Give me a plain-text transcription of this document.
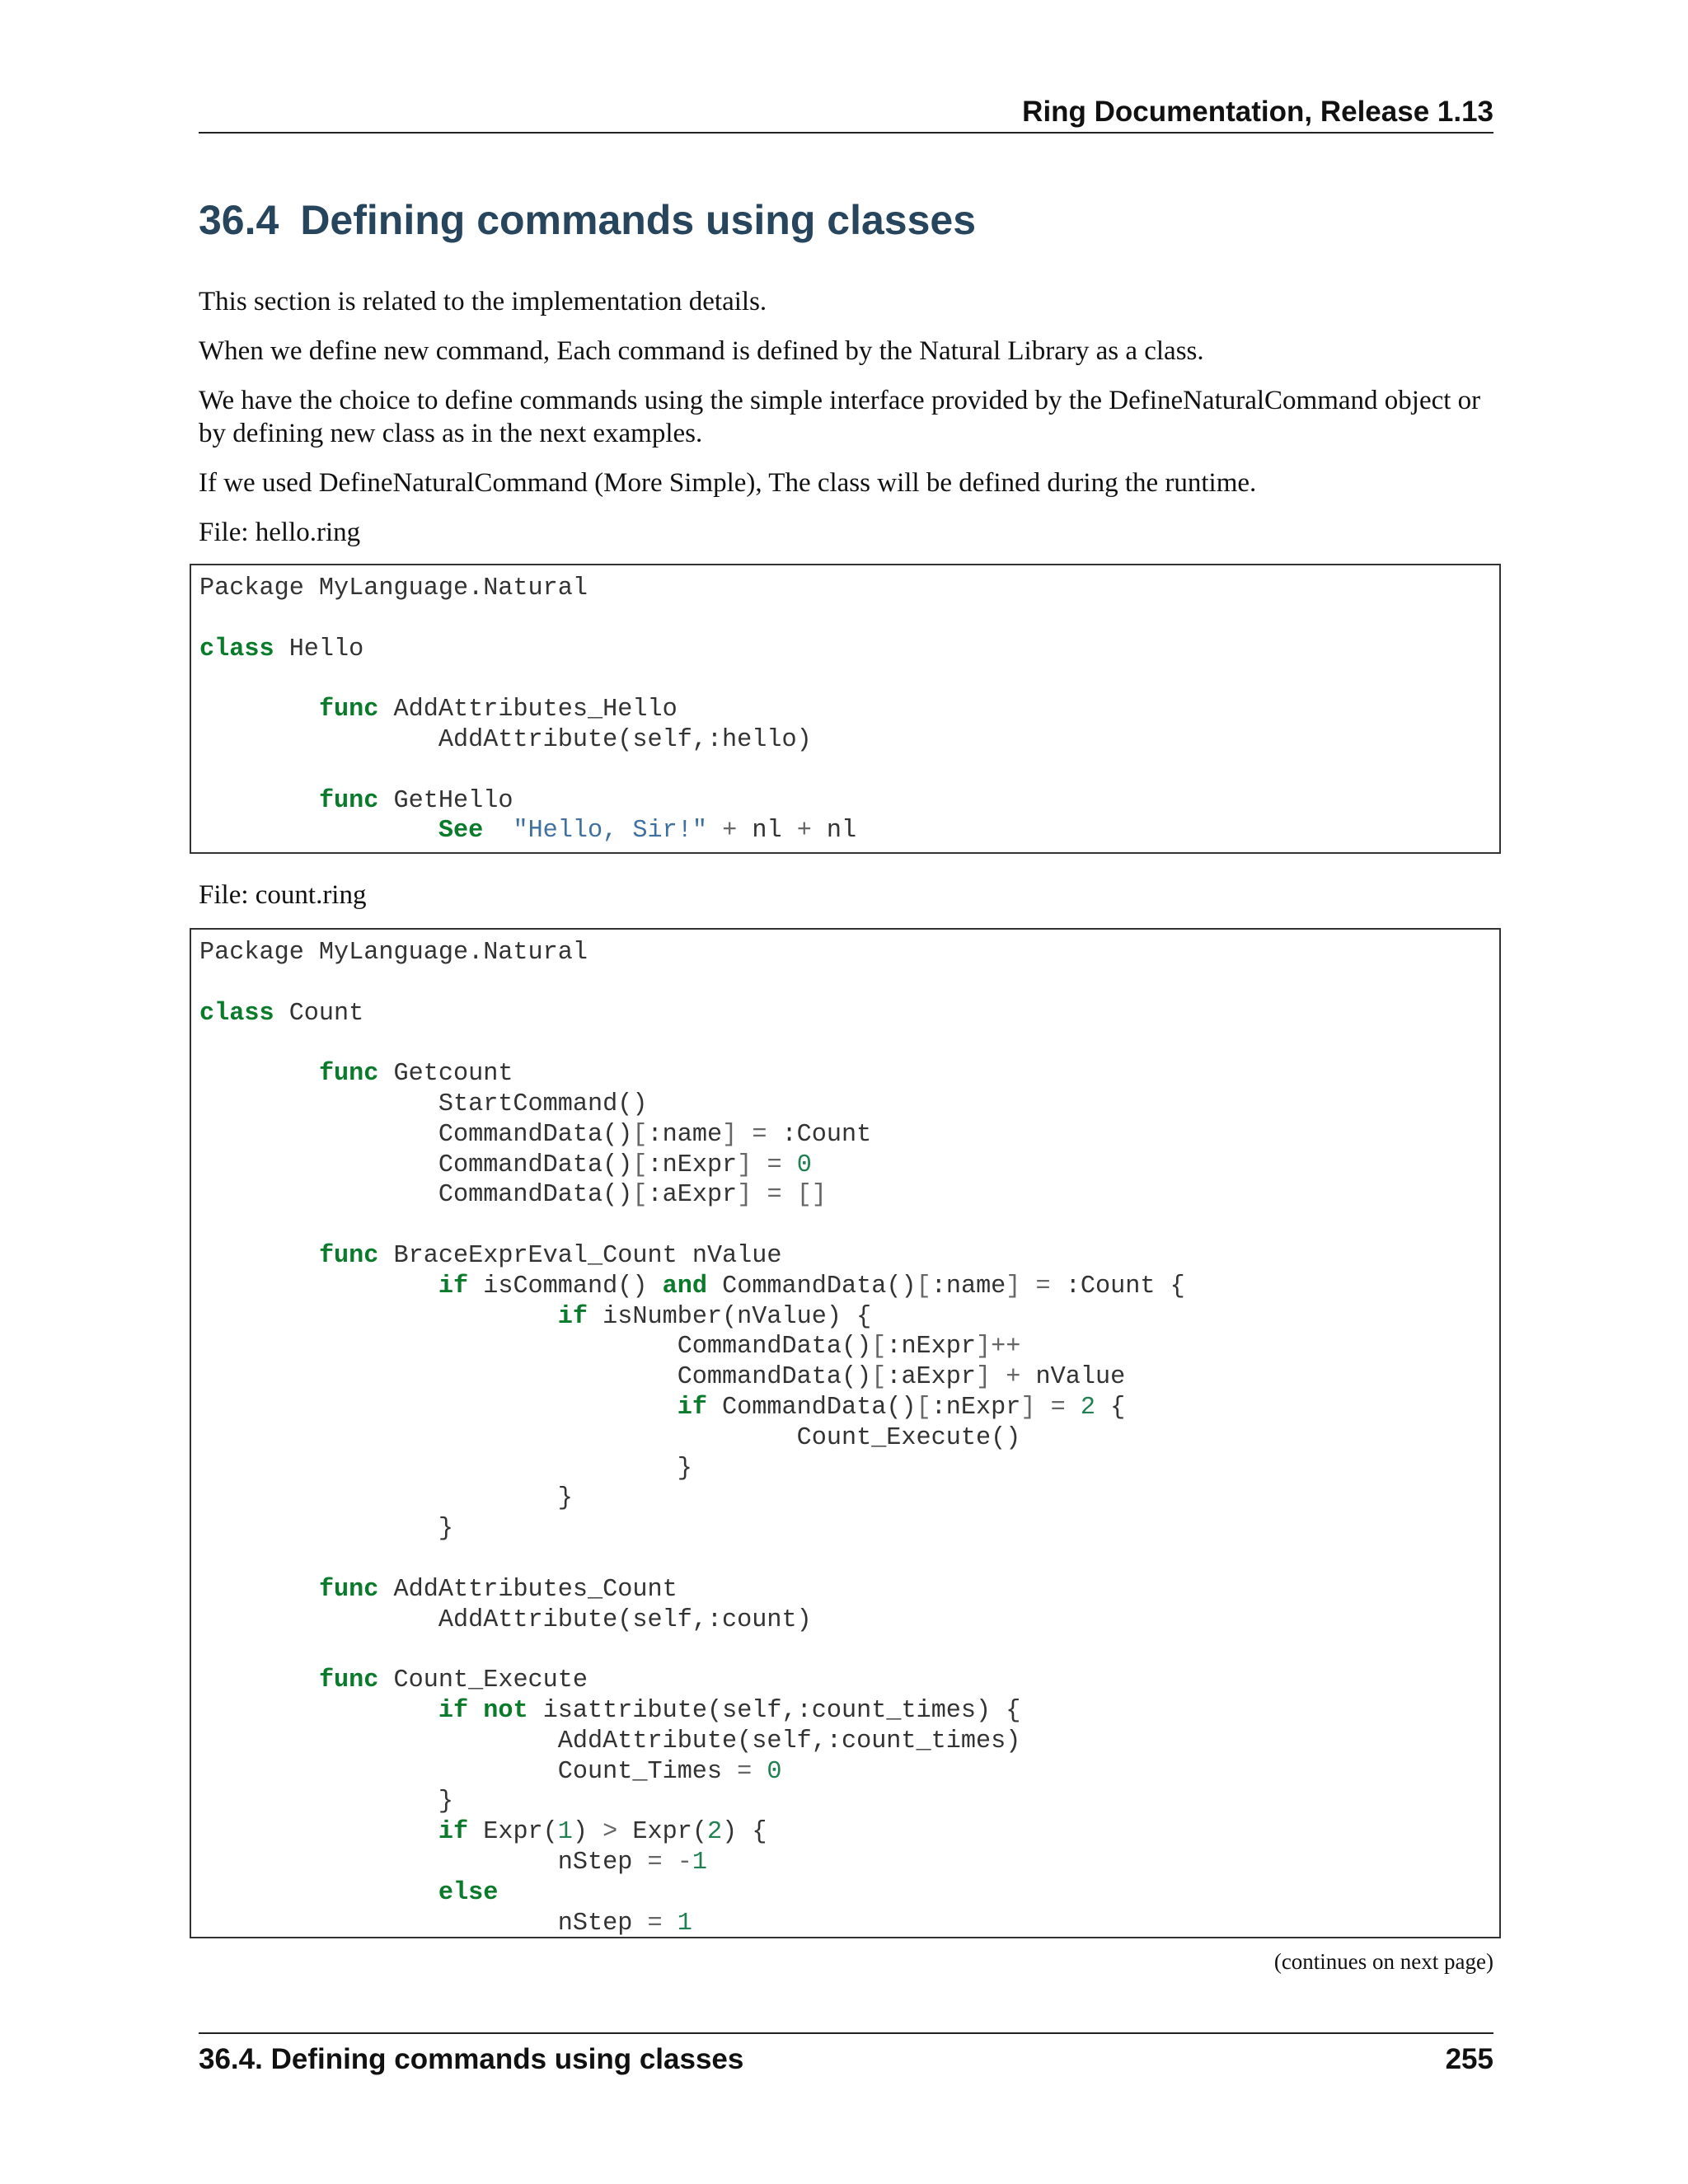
Ring Documentation, Release 1.13
36.4 Defining commands using classes

This section is related to the implementation details.

When we define new command, Each command is defined by the Natural Library as a class.

We have the choice to define commands using the simple interface provided by the DefineNaturalCommand object or by defining new class as in the next examples.

If we used DefineNaturalCommand (More Simple), The class will be defined during the runtime.

File: hello.ring

Package MyLanguage.Natural

class Hello

func AddAttributes_Hello
AddAttribute(self,:hello)

func GetHello
See "Hello, Sir!" + nl + nl

File: count.ring

Package MyLanguage.Natural

class Count

func Getcount
StartCommand()
CommandData()[:name] = :Count
CommandData()[:nExpr] = 0
CommandData()[:aExpr] = []

func BraceExprEval_Count nValue
if isCommand() and CommandData()[:name] = :Count {
if isNumber(nValue) {
CommandData()[:nExpr]++
CommandData()[:aExpr] + nValue
if CommandData()[:nExpr] = 2 {
Count_Execute()
}
}
}

func AddAttributes_Count
AddAttribute(self,:count)

func Count_Execute
if not isattribute(self,:count_times) {
AddAttribute(self,:count_times)
Count_Times = 0
}
if Expr(1) > Expr(2) {
nStep = -1
else
nStep = 1
(continues on next page)
36.4. Defining commands using classes	255
